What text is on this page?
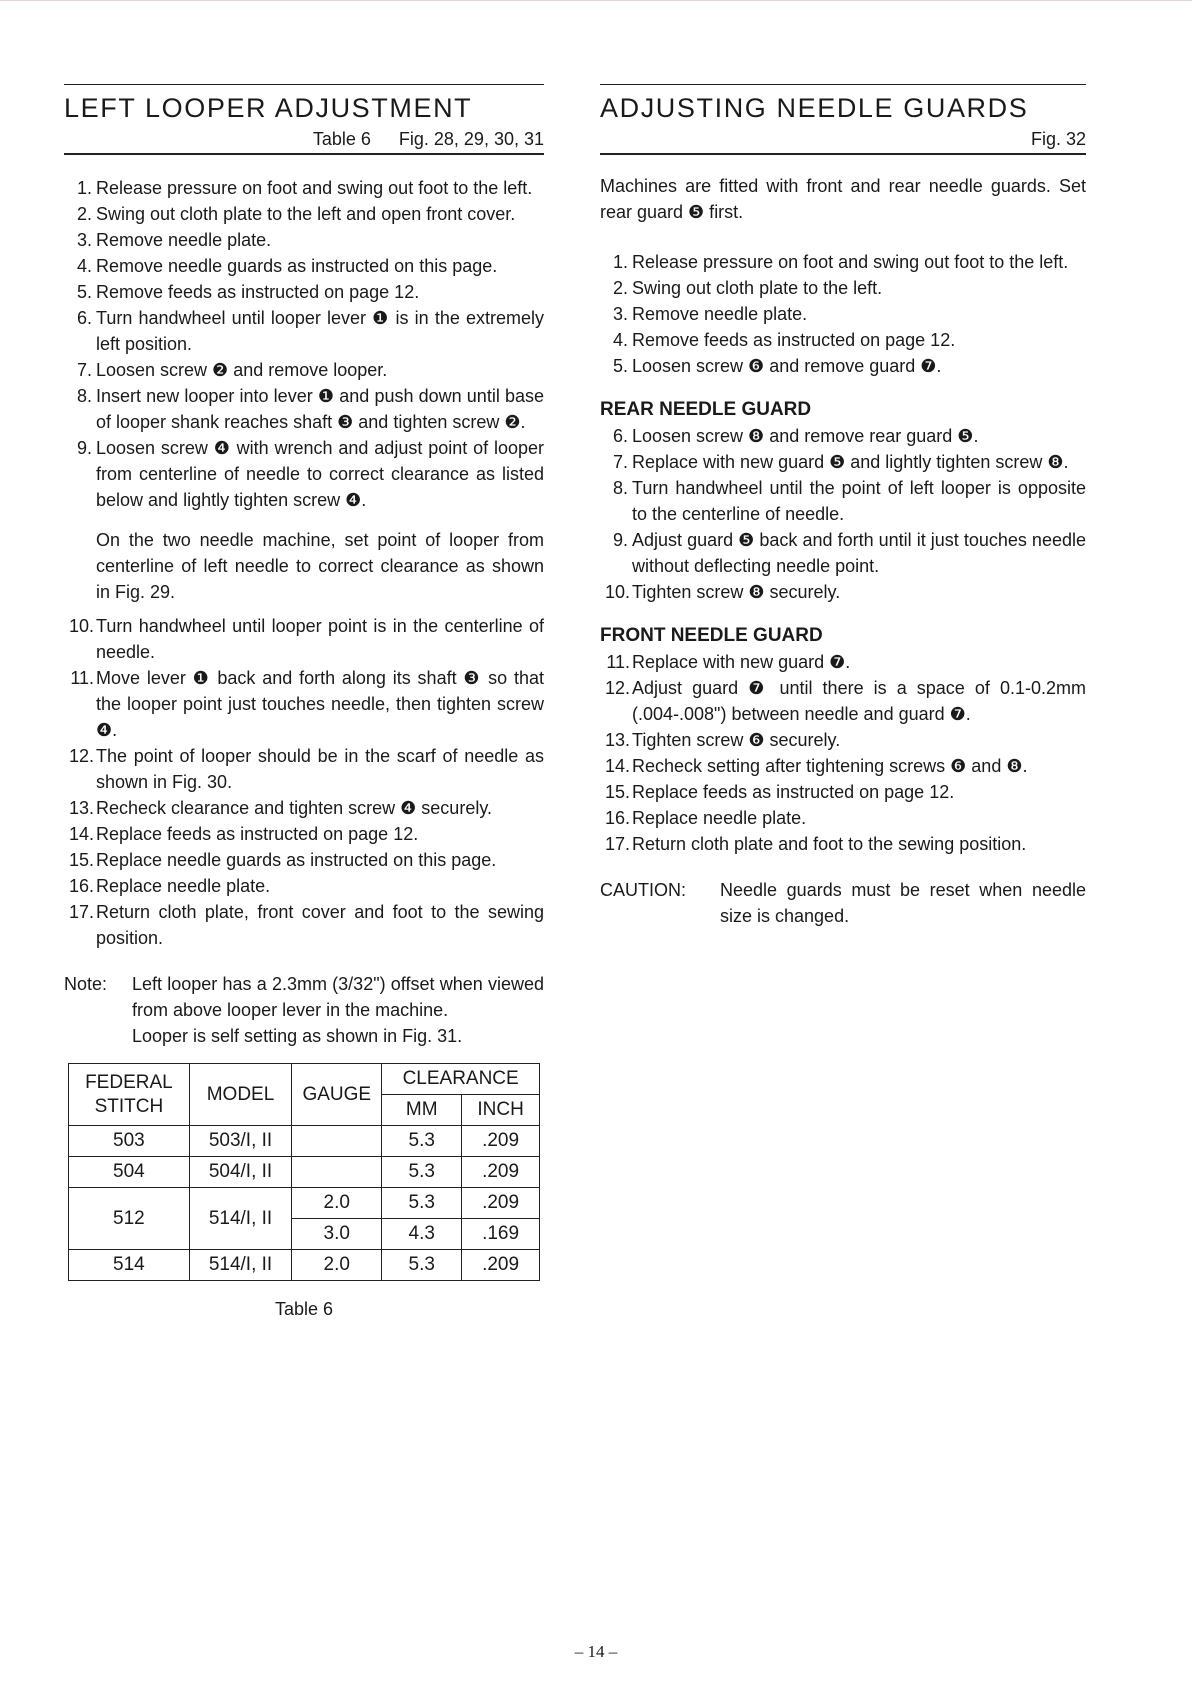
LEFT LOOPER ADJUSTMENT
Table 6 Fig. 28, 29, 30, 31
1. Release pressure on foot and swing out foot to the left.
2. Swing out cloth plate to the left and open front cover.
3. Remove needle plate.
4. Remove needle guards as instructed on this page.
5. Remove feeds as instructed on page 12.
6. Turn handwheel until looper lever ❶ is in the extremely left position.
7. Loosen screw ❷ and remove looper.
8. Insert new looper into lever ❶ and push down until base of looper shank reaches shaft ❸ and tighten screw ❷.
9. Loosen screw ❹ with wrench and adjust point of looper from centerline of needle to correct clearance as listed below and lightly tighten screw ❹.

On the two needle machine, set point of looper from centerline of left needle to correct clearance as shown in Fig. 29.

10. Turn handwheel until looper point is in the centerline of needle.
11. Move lever ❶ back and forth along its shaft ❸ so that the looper point just touches needle, then tighten screw ❹.
12. The point of looper should be in the scarf of needle as shown in Fig. 30.
13. Recheck clearance and tighten screw ❹ securely.
14. Replace feeds as instructed on page 12.
15. Replace needle guards as instructed on this page.
16. Replace needle plate.
17. Return cloth plate, front cover and foot to the sewing position.
Note:	Left looper has a 2.3mm (3/32") offset when viewed from above looper lever in the machine.

Looper is self setting as shown in Fig. 31.

FEDERAL
STITCH	MODEL	GAUGE	CLEARANCE	
			MM	INCH
503	503/I, II		5.3	.209
504	504/I, II		5.3	.209
512	514/I, II	2.0	5.3	.209
		3.0	4.3	.169
514	514/I, II	2.0	5.3	.209
Table 6
ADJUSTING NEEDLE GUARDS
Fig. 32

Machines are fitted with front and rear needle guards. Set rear guard ❺ first.

1. Release pressure on foot and swing out foot to the left.
2. Swing out cloth plate to the left.
3. Remove needle plate.
4. Remove feeds as instructed on page 12.
5. Loosen screw ❻ and remove guard ❼.
REAR NEEDLE GUARD
6. Loosen screw ❽ and remove rear guard ❺.
7. Replace with new guard ❺ and lightly tighten screw ❽.
8. Turn handwheel until the point of left looper is opposite to the centerline of needle.
9. Adjust guard ❺ back and forth until it just touches needle without deflecting needle point.
10. Tighten screw ❽ securely.
FRONT NEEDLE GUARD
11. Replace with new guard ❼.
12. Adjust guard ❼ until there is a space of 0.1-0.2mm (.004-.008") between needle and guard ❼.
13. Tighten screw ❻ securely.
14. Recheck setting after tightening screws ❻ and ❽.
15. Replace feeds as instructed on page 12.
16. Replace needle plate.
17. Return cloth plate and foot to the sewing position.
CAUTION:	Needle guards must be reset when needle size is changed.

– 14 –
